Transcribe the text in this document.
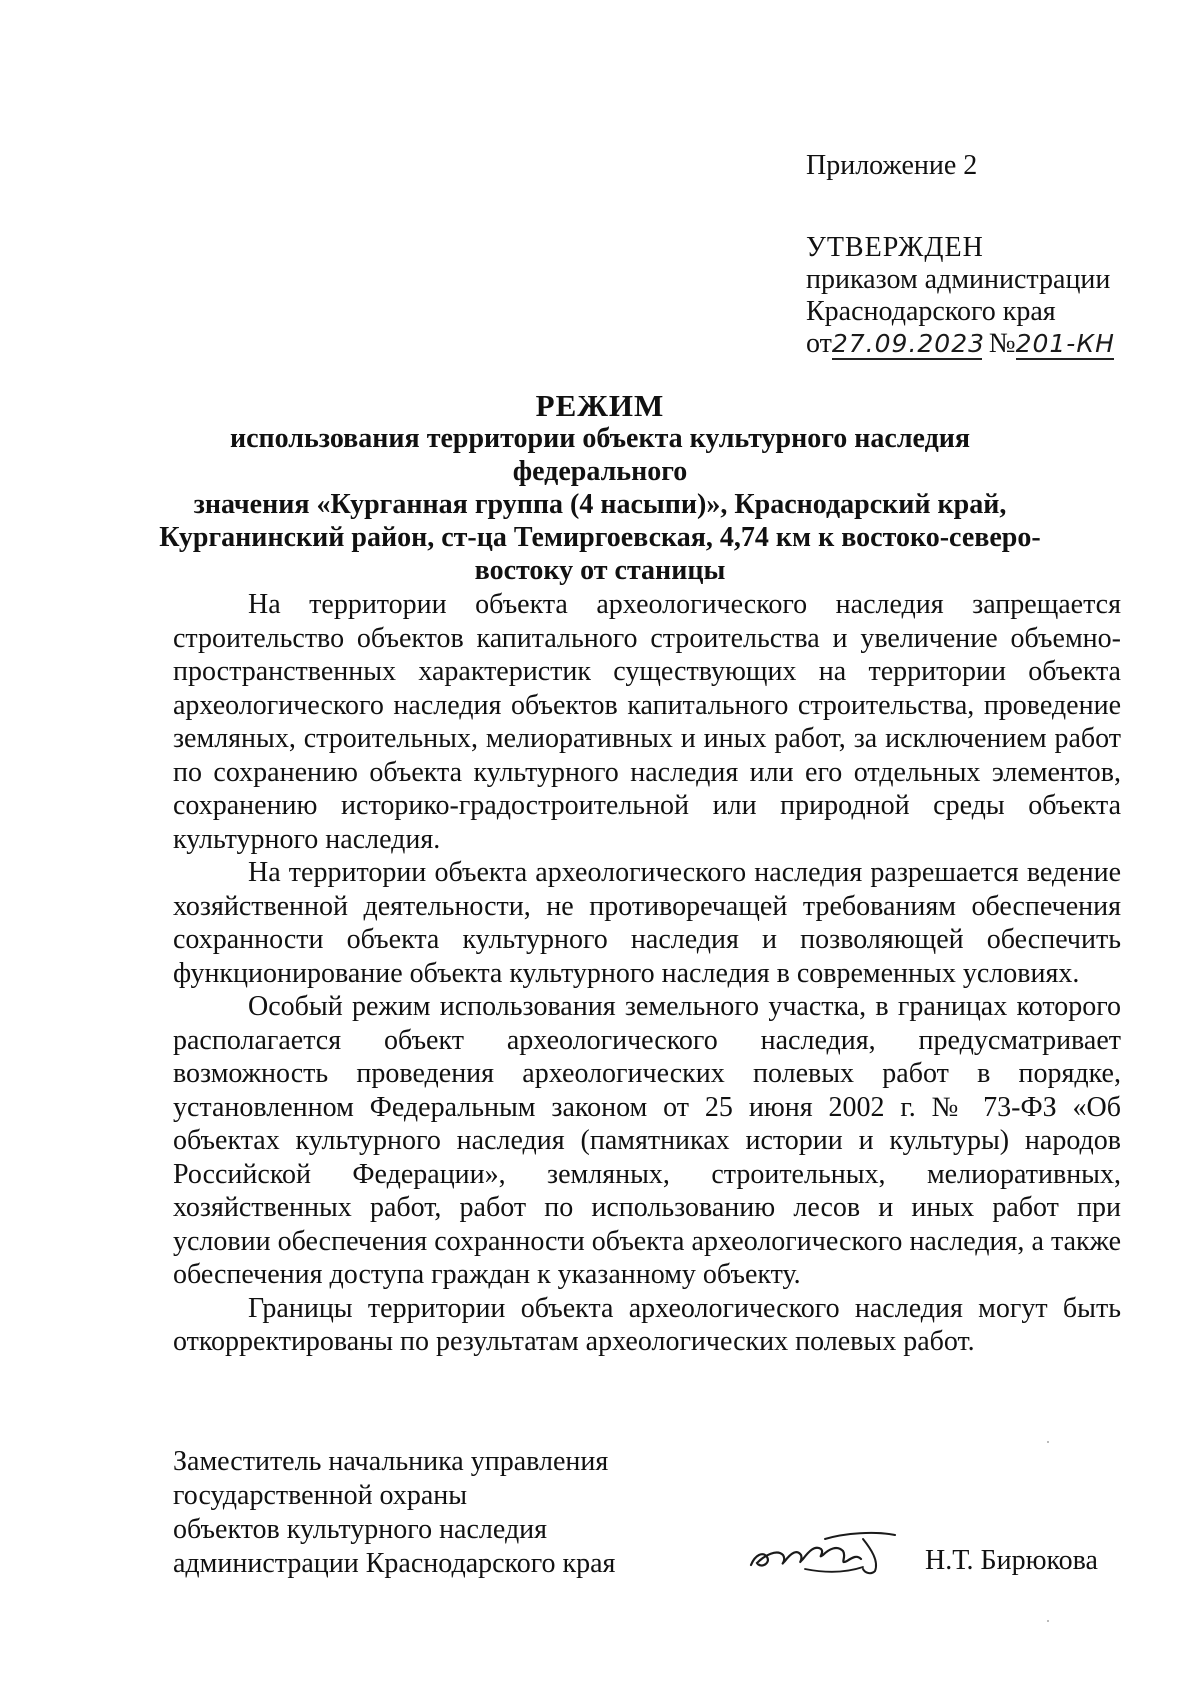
Приложение 2
УТВЕРЖДЕН
приказом администрации
Краснодарского края
от27.09.2023 №201-КН
РЕЖИМ
использования территории объекта культурного наследия федерального
значения «Курганная группа (4 насыпи)», Краснодарский край,
Курганинский район, ст-ца Темиргоевская, 4,74 км к востоко-северо-
востоку от станицы

На территории объекта археологического наследия запрещается строительство объектов капитального строительства и увеличение объемно-пространственных характеристик существующих на территории объекта археологического наследия объектов капитального строительства, проведение земляных, строительных, мелиоративных и иных работ, за исключением работ по сохранению объекта культурного наследия или его отдельных элементов, сохранению историко-градостроительной или природной среды объекта культурного наследия.

На территории объекта археологического наследия разрешается ведение хозяйственной деятельности, не противоречащей требованиям обеспечения сохранности объекта культурного наследия и позволяющей обеспечить функционирование объекта культурного наследия в современных условиях.

Особый режим использования земельного участка, в границах которого располагается объект археологического наследия, предусматривает возможность проведения археологических полевых работ в порядке, установленном Федеральным законом от 25 июня 2002 г. № 73-ФЗ «Об объектах культурного наследия (памятниках истории и культуры) народов Российской Федерации», земляных, строительных, мелиоративных, хозяйственных работ, работ по использованию лесов и иных работ при условии обеспечения сохранности объекта археологического наследия, а также обеспечения доступа граждан к указанному объекту.

Границы территории объекта археологического наследия могут быть откорректированы по результатам археологических полевых работ.

Заместитель начальника управления
государственной охраны
объектов культурного наследия
администрации Краснодарского края	Н.Т. Бирюкова
